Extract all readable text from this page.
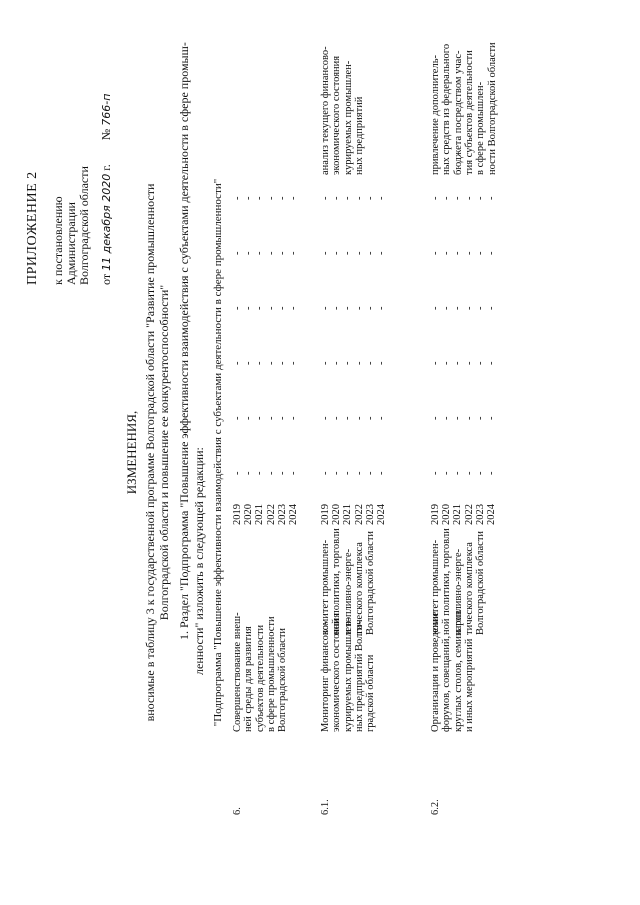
ПРИЛОЖЕНИЕ 2 к постановлению Администрации Волгоградской области от 11 декабря 2020 г.  № 766-п
ИЗМЕНЕНИЯ, вносимые в таблицу 3 к государственной программе Волгоградской области "Развитие промышленности Волгоградской области и повышение ее конкурентоспособности" 1. Раздел "Подпрограмма "Повышение эффективности взаимодействия с субъектами деятельности в сфере промыш- ленности" изложить в следующей редакции: "Подпрограмма "Повышение эффективности взаимодействия с субъектами деятельности в сфере промышленности"
6.
Совершенствование внеш- ней среды для развития субъектов деятельности в сфере промышленности Волгоградской области
2019 2020 2021 2022 2023 2024
- - - - - -
- - - - - -
- - - - - -
- - - - - -
- - - - - -
- - - - - -
6.1.
Мониторинг финансово- экономического состояния курируемых промышлен- ных предприятий Волго- градской области
комитет промышлен- ной политики, торговли и топливно-энерге- тического комплекса Волгоградской области
2019 2020 2021 2022 2023 2024
- - - - - -
- - - - - -
- - - - - -
- - - - - -
- - - - - -
- - - - - -
анализ текущего финансово- экономического состояния курируемых промышлен- ных предприятий
6.2.
Организация и проведение форумов, совещаний, круглых столов, семинаров и иных мероприятий
комитет промышлен- ной политики, торговли и топливно-энерге- тического комплекса Волгоградской области
2019 2020 2021 2022 2023 2024
- - - - - -
- - - - - -
- - - - - -
- - - - - -
- - - - - -
- - - - - -
привлечение дополнитель- ных средств из федерального бюджета посредством учас- тия субъектов деятельности в сфере промышлен- ности Волгоградской области
